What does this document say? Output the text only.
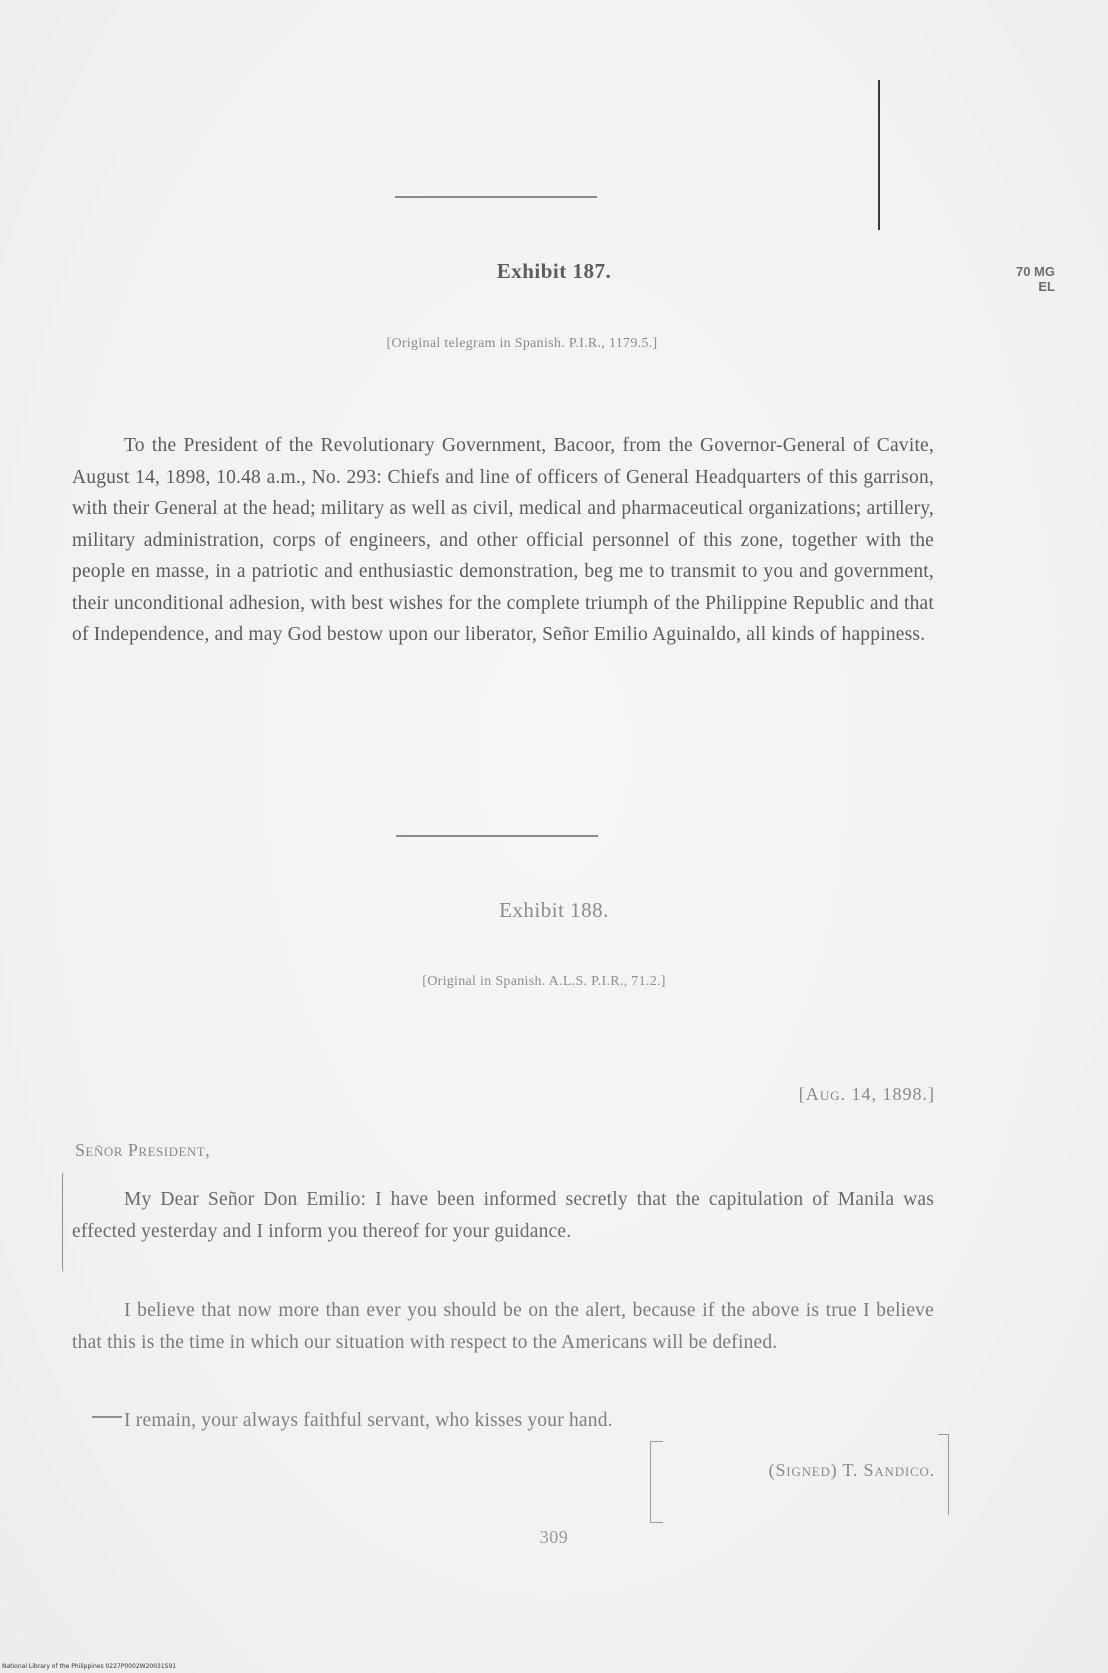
70 MG
EL
Exhibit 187.
[Original telegram in Spanish. P.I.R., 1179.5.]
To the President of the Revolutionary Government, Bacoor, from the Governor-General of Cavite, August 14, 1898, 10.48 a.m., No. 293: Chiefs and line of officers of General Headquarters of this garrison, with their General at the head; military as well as civil, medical and pharmaceutical organizations; artillery, military administration, corps of engineers, and other official personnel of this zone, together with the people en masse, in a patriotic and enthusiastic demonstration, beg me to transmit to you and government, their unconditional adhesion, with best wishes for the complete triumph of the Philippine Republic and that of Independence, and may God bestow upon our liberator, Señor Emilio Aguinaldo, all kinds of happiness.
Exhibit 188.
[Original in Spanish. A.L.S. P.I.R., 71.2.]
[Aug. 14, 1898.]
Señor President,
My Dear Señor Don Emilio: I have been informed secretly that the capitulation of Manila was effected yesterday and I inform you thereof for your guidance.
I believe that now more than ever you should be on the alert, because if the above is true I believe that this is the time in which our situation with respect to the Americans will be defined.
I remain, your always faithful servant, who kisses your hand.
(Signed) T. Sandico.
309
National Library of the Philippines 0227P0002W20031S91
